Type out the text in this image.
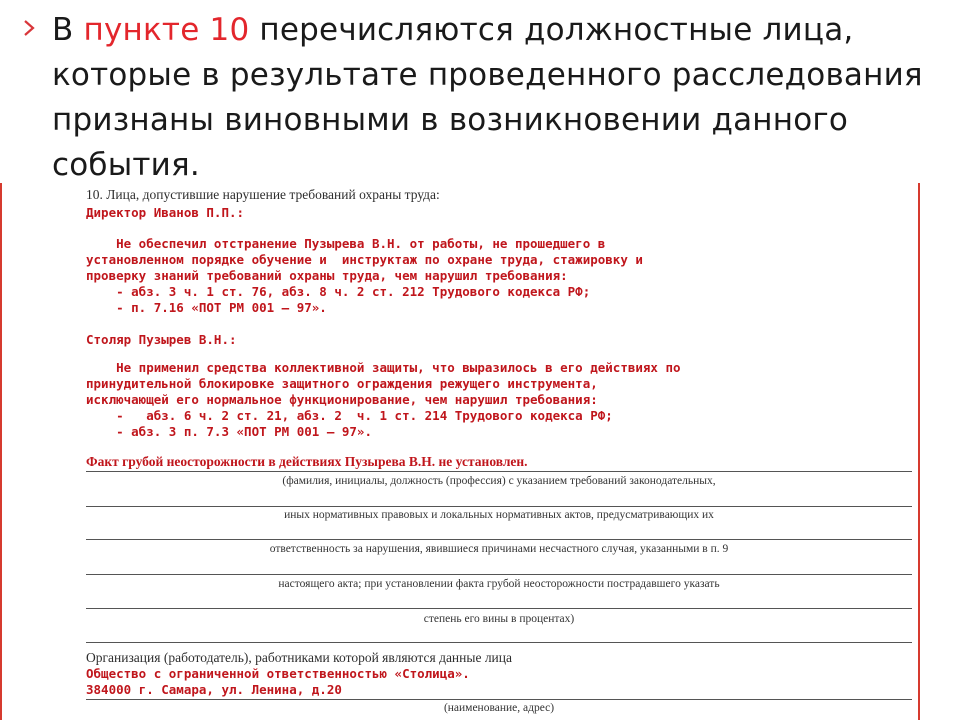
В пункте 10 перечисляются должностные лица, которые в результате проведенного расследования признаны виновными в возникновении данного события.
10. Лица, допустившие нарушение требований охраны труда:
Директор Иванов П.П.:
Не обеспечил отстранение Пузырева В.Н. от работы, не прошедшего в
установленном порядке обучение и  инструктаж по охране труда, стажировку и
проверку знаний требований охраны труда, чем нарушил требования:
- абз. 3 ч. 1 ст. 76, абз. 8 ч. 2 ст. 212 Трудового кодекса РФ;
- п. 7.16 «ПОТ РМ 001 – 97».
Столяр Пузырев В.Н.:
Не применил средства коллективной защиты, что выразилось в его действиях по
принудительной блокировке защитного ограждения режущего инструмента,
исключающей его нормальное функционирование, чем нарушил требования:
-   абз. 6 ч. 2 ст. 21, абз. 2  ч. 1 ст. 214 Трудового кодекса РФ;
- абз. 3 п. 7.3 «ПОТ РМ 001 – 97».
Факт грубой неосторожности в действиях Пузырева В.Н. не установлен.
(фамилия, инициалы, должность (профессия) с указанием требований законодательных,
иных нормативных правовых и локальных нормативных актов, предусматривающих их
ответственность за нарушения, явившиеся причинами несчастного случая, указанными в п. 9
настоящего акта; при установлении факта грубой неосторожности пострадавшего указать
степень его вины в процентах)
Организация (работодатель), работниками которой являются данные лица
Общество с ограниченной ответственностью «Столица».
384000 г. Самара, ул. Ленина, д.20
(наименование, адрес)
